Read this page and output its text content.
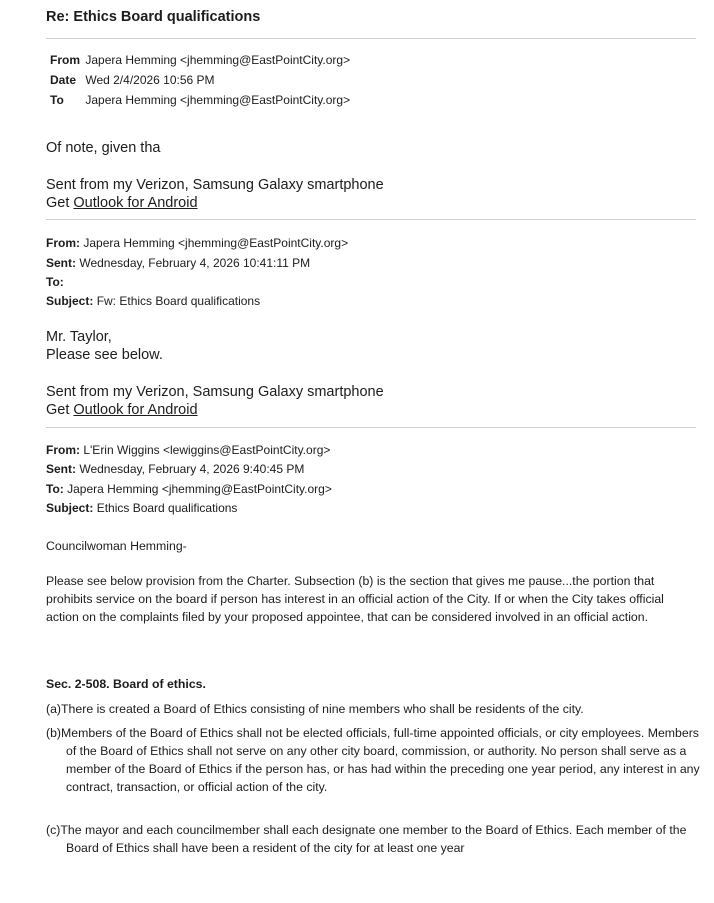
Re: Ethics Board qualifications
From Japera Hemming <jhemming@EastPointCity.org>
Date Wed 2/4/2026 10:56 PM
To Japera Hemming <jhemming@EastPointCity.org>
Of note, given tha
Sent from my Verizon, Samsung Galaxy smartphone
Get Outlook for Android
From: Japera Hemming <jhemming@EastPointCity.org>
Sent: Wednesday, February 4, 2026 10:41:11 PM
To:
Subject: Fw: Ethics Board qualifications
Mr. Taylor,
Please see below.
Sent from my Verizon, Samsung Galaxy smartphone
Get Outlook for Android
From: L'Erin Wiggins <lewiggins@EastPointCity.org>
Sent: Wednesday, February 4, 2026 9:40:45 PM
To: Japera Hemming <jhemming@EastPointCity.org>
Subject: Ethics Board qualifications
Councilwoman Hemming-
Please see below provision from the Charter. Subsection (b) is the section that gives me pause...the portion that prohibits service on the board if person has interest in an official action of the City. If or when the City takes official action on the complaints filed by your proposed appointee, that can be considered involved in an official action.
Sec. 2-508. Board of ethics.
(a)There is created a Board of Ethics consisting of nine members who shall be residents of the city.
(b)Members of the Board of Ethics shall not be elected officials, full-time appointed officials, or city employees. Members of the Board of Ethics shall not serve on any other city board, commission, or authority. No person shall serve as a member of the Board of Ethics if the person has, or has had within the preceding one year period, any interest in any contract, transaction, or official action of the city.
(c)The mayor and each councilmember shall each designate one member to the Board of Ethics. Each member of the Board of Ethics shall have been a resident of the city for at least one year
